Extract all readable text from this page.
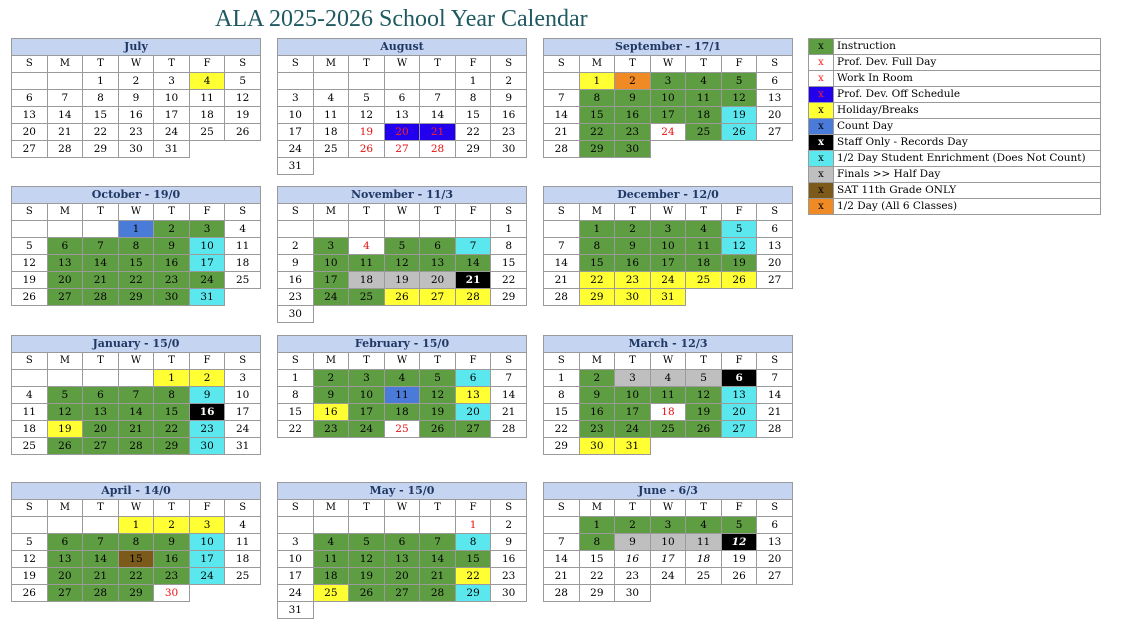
ALA 2025-2026 School Year Calendar
July						
S	M	T	W	T	F	S
		1	2	3	4	5
6	7	8	9	10	11	12
13	14	15	16	17	18	19
20	21	22	23	24	25	26
27	28	29	30	31		
August						
S	M	T	W	T	F	S
					1	2
3	4	5	6	7	8	9
10	11	12	13	14	15	16
17	18	19	20	21	22	23
24	25	26	27	28	29	30
31						
September - 17/1						
S	M	T	W	T	F	S
	1	2	3	4	5	6
7	8	9	10	11	12	13
14	15	16	17	18	19	20
21	22	23	24	25	26	27
28	29	30				
October - 19/0						
S	M	T	W	T	F	S
			1	2	3	4
5	6	7	8	9	10	11
12	13	14	15	16	17	18
19	20	21	22	23	24	25
26	27	28	29	30	31	
November - 11/3						
S	M	T	W	T	F	S
						1
2	3	4	5	6	7	8
9	10	11	12	13	14	15
16	17	18	19	20	21	22
23	24	25	26	27	28	29
30						
December - 12/0						
S	M	T	W	T	F	S
	1	2	3	4	5	6
7	8	9	10	11	12	13
14	15	16	17	18	19	20
21	22	23	24	25	26	27
28	29	30	31			
January - 15/0						
S	M	T	W	T	F	S
				1	2	3
4	5	6	7	8	9	10
11	12	13	14	15	16	17
18	19	20	21	22	23	24
25	26	27	28	29	30	31
February - 15/0						
S	M	T	W	T	F	S
1	2	3	4	5	6	7
8	9	10	11	12	13	14
15	16	17	18	19	20	21
22	23	24	25	26	27	28
March - 12/3						
S	M	T	W	T	F	S
1	2	3	4	5	6	7
8	9	10	11	12	13	14
15	16	17	18	19	20	21
22	23	24	25	26	27	28
29	30	31				
April - 14/0						
S	M	T	W	T	F	S
			1	2	3	4
5	6	7	8	9	10	11
12	13	14	15	16	17	18
19	20	21	22	23	24	25
26	27	28	29	30		
May - 15/0						
S	M	T	W	T	F	S
					1	2
3	4	5	6	7	8	9
10	11	12	13	14	15	16
17	18	19	20	21	22	23
24	25	26	27	28	29	30
31						
June - 6/3						
S	M	T	W	T	F	S
	1	2	3	4	5	6
7	8	9	10	11	12	13
14	15	16	17	18	19	20
21	22	23	24	25	26	27
28	29	30				
x	Instruction
x	Prof. Dev. Full Day
x	Work In Room
x	Prof. Dev. Off Schedule
x	Holiday/Breaks
x	Count Day
x	Staff Only - Records Day
x	1/2 Day Student Enrichment (Does Not Count)
x	Finals >> Half Day
x	SAT 11th Grade ONLY
x	1/2 Day (All 6 Classes)
